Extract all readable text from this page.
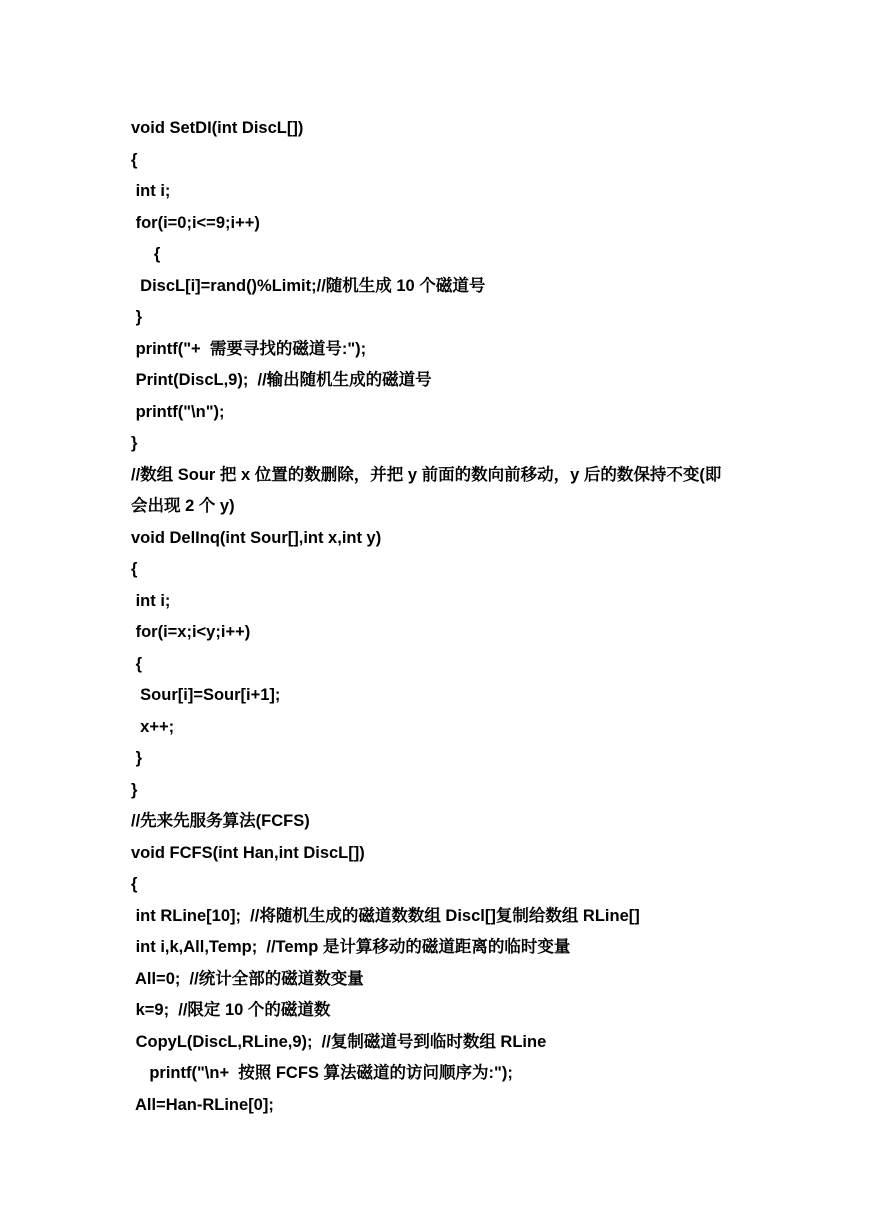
void SetDI(int DiscL[])
{
int i;
for(i=0;i<=9;i++)
{
DiscL[i]=rand()%Limit;//随机生成 10 个磁道号
}
printf("+  需要寻找的磁道号:");
Print(DiscL,9);  //输出随机生成的磁道号
printf("\n");
}
//数组 Sour 把 x 位置的数删除，并把 y 前面的数向前移动，y 后的数保持不变(即
会出现 2 个 y)
void DelInq(int Sour[],int x,int y)
{
int i;
for(i=x;i<y;i++)
{
Sour[i]=Sour[i+1];
x++;
}
}
//先来先服务算法(FCFS)
void FCFS(int Han,int DiscL[])
{
int RLine[10];  //将随机生成的磁道数数组 Discl[]复制给数组 RLine[]
int i,k,All,Temp;  //Temp 是计算移动的磁道距离的临时变量
All=0;  //统计全部的磁道数变量
k=9;  //限定 10 个的磁道数
CopyL(DiscL,RLine,9);  //复制磁道号到临时数组 RLine
printf("\n+  按照 FCFS 算法磁道的访问顺序为:");
All=Han-RLine[0];
